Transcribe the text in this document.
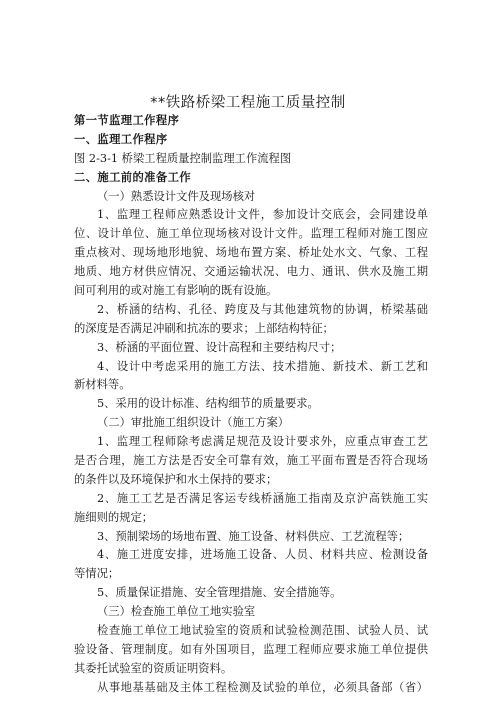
**铁路桥梁工程施工质量控制
第一节监理工作程序
一、监理工作程序
图 2-3-1 桥梁工程质量控制监理工作流程图
二、施工前的准备工作
（一）熟悉设计文件及现场核对
1、监理工程师应熟悉设计文件，参加设计交底会，会同建设单
位、设计单位、施工单位现场核对设计文件。监理工程师对施工图应
重点核对、现场地形地貌、场地布置方案、桥址处水文、气象、工程
地质、地方材供应情况、交通运输状况、电力、通讯、供水及施工期
间可利用的或对施工有影响的既有设施。
2、桥涵的结构、孔径、跨度及与其他建筑物的协调，桥梁基础
的深度是否满足冲刷和抗冻的要求；上部结构特征；
3、桥涵的平面位置、设计高程和主要结构尺寸；
4、设计中考虑采用的施工方法、技术措施、新技术、新工艺和
新材料等。
5、采用的设计标准、结构细节的质量要求。
（二）审批施工组织设计（施工方案）
1、监理工程师除考虑满足规范及设计要求外，应重点审查工艺
是否合理，施工方法是否安全可靠有效，施工平面布置是否符合现场
的条件以及环境保护和水土保持的要求；
2、施工工艺是否满足客运专线桥涵施工指南及京沪高铁施工实
施细则的规定；
3、预制梁场的场地布置、施工设备、材料供应、工艺流程等；
4、施工进度安排，进场施工设备、人员、材料共应、检测设备
等情况；
5、质量保证措施、安全管理措施、安全措施等。
（三）检查施工单位工地实验室
检查施工单位工地试验室的资质和试验检测范围、试验人员、试
验设备、管理制度。如有外国项目，监理工程师应要求施工单位提供
其委托试验室的资质证明资料。
从事地基基础及主体工程检测及试验的单位，必须具备部（省）
